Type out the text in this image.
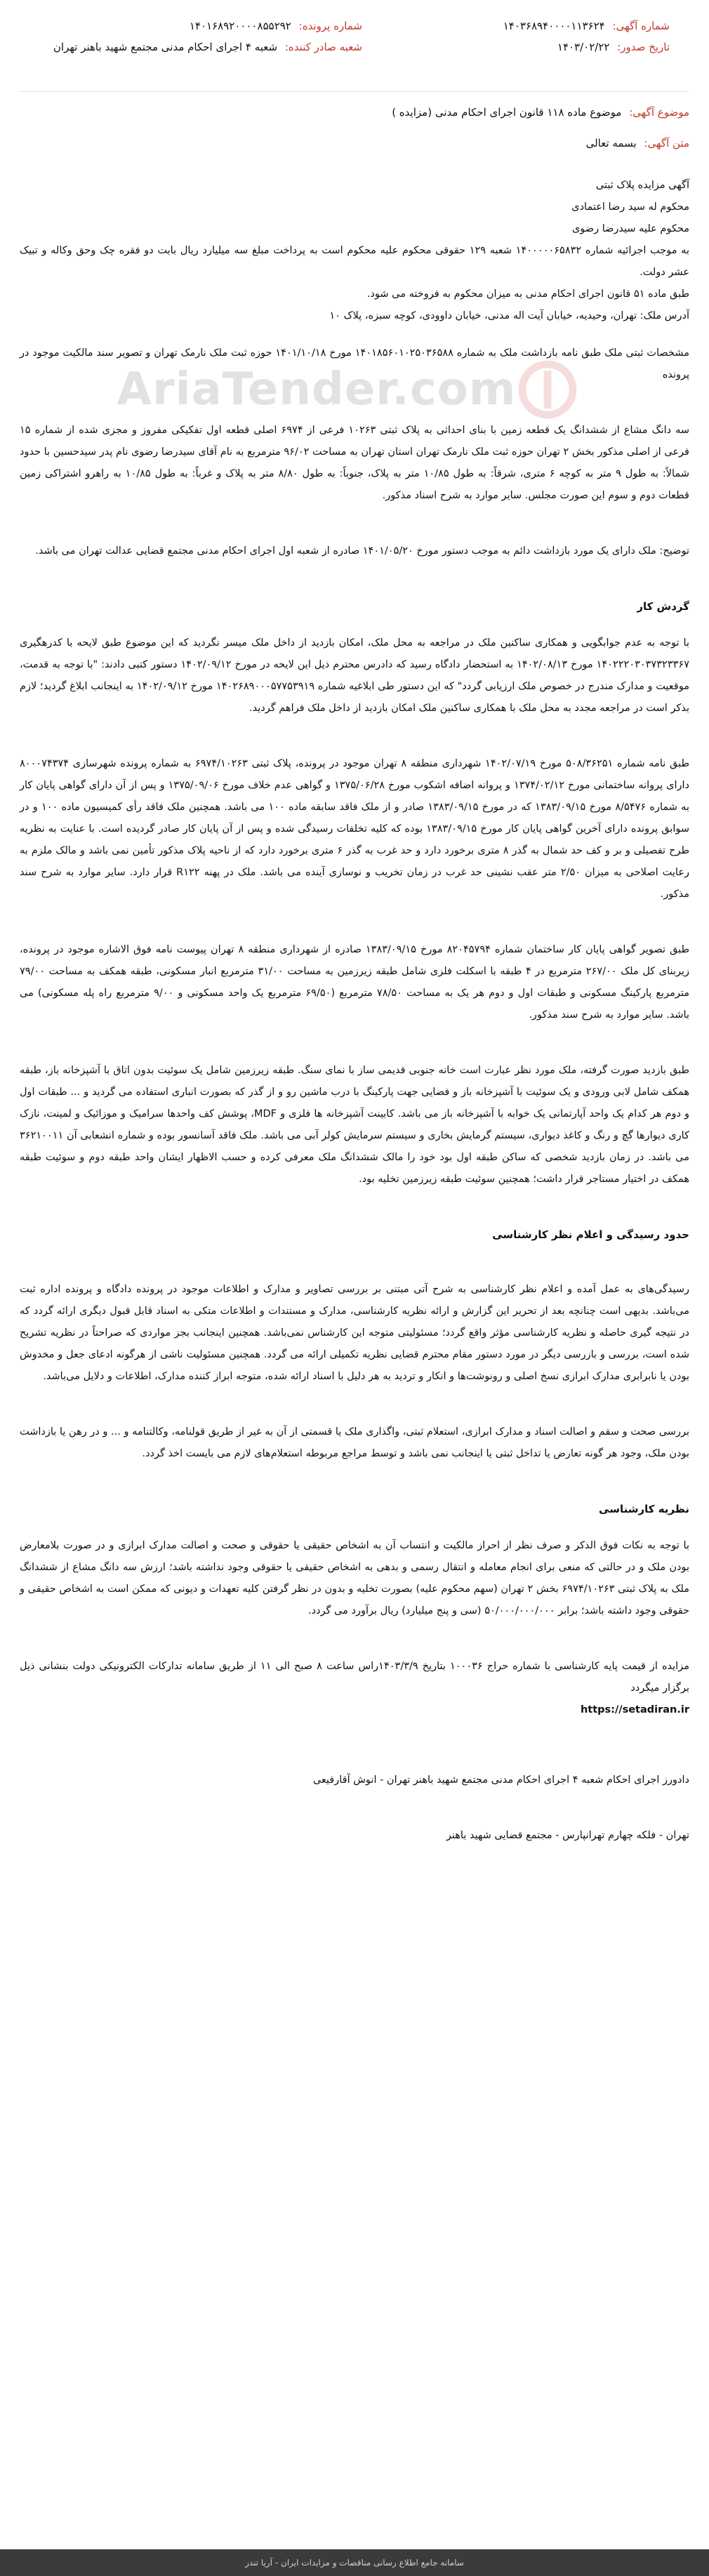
شماره آگهی: ۱۴۰۳۶۸۹۴۰۰۰۰۱۱۳۶۲۴
تاریخ صدور: ۱۴۰۳/۰۲/۲۲
شماره پرونده: ۱۴۰۱۶۸۹۲۰۰۰۰۸۵۵۲۹۲
شعبه صادر کننده: شعبه ۴ اجرای احکام مدنی مجتمع شهید باهنر تهران
موضوع آگهی: موضوع ماده ۱۱۸ قانون اجرای احکام مدنی (مزایده )
متن آگهی: بسمه تعالی

آگهی مزایده پلاک ثبتی
محکوم له سید رضا اعتمادی
محکوم علیه سیدرضا رضوی
به موجب اجرائیه شماره ۱۴۰۰۰۰۰۶۵۸۳۲ شعبه ۱۲۹ حقوقی محکوم علیه محکوم است به پرداخت مبلغ سه میلیارد ریال بابت دو فقره چک وحق وکاله و تبیک عشر دولت.
طبق ماده ۵۱ قانون اجرای احکام مدنی به میزان محکوم به فروخته می شود.
آدرس ملک: تهران، وحیدیه، خیابان آیت اله مدنی، خیابان داوودی، کوچه سبزه، پلاک ۱۰

مشخصات ثبتی ملک طبق نامه بازداشت ملک به شماره ۱۴۰۱۸۵۶۰۱۰۲۵۰۳۶۵۸۸ مورخ ۱۴۰۱/۱۰/۱۸ حوزه ثبت ملک نارمک تهران و تصویر سند مالکیت موجود در پرونده

سه دانگ مشاع از ششدانگ یک قطعه زمین با بنای احداثی به پلاک ثبتی ۱۰۲۶۳ فرعی از ۶۹۷۴ اصلی قطعه اول تفکیکی مفروز و مجزی شده از شماره ۱۵ فرعی از اصلی مذکور بخش ۲ تهران حوزه ثبت ملک نارمک تهران استان تهران به مساحت ۹۶/۰۲ مترمربع به نام آقای سیدرضا رضوی نام پدر سیدحسین با حدود شمالاً: به طول ۹ متر به کوچه ۶ متری، شرقاً: به طول ۱۰/۸۵ متر به پلاک، جنوباً: به طول ۸/۸۰ متر به پلاک و غرباً: به طول ۱۰/۸۵ به راهرو اشتراکی زمین قطعات دوم و سوم این صورت مجلس. سایر موارد به شرح اسناد مذکور.

توضیح: ملک دارای یک مورد بازداشت دائم به موجب دستور مورخ ۱۴۰۱/۰۵/۲۰ صادره از شعبه اول اجرای احکام مدنی مجتمع قضایی عدالت تهران می باشد.

گردش کار

با توجه به عدم جوابگویی و همکاری ساکنین ملک در مراجعه به محل ملک، امکان بازدید از داخل ملک میسر نگردید که این موضوع طبق لایحه با کدرهگیری ۱۴۰۲۲۲۰۳۰۳۷۳۲۳۳۶۷ مورخ ۱۴۰۲/۰۸/۱۳ به استحضار دادگاه رسید که دادرس محترم ذیل این لایحه در مورخ ۱۴۰۲/۰۹/۱۲ دستور کتبی دادند: "با توجه به قدمت، موقعیت و مدارک مندرج در خصوص ملک ارزیابی گردد" که این دستور طی ابلاغیه شماره ۱۴۰۲۶۸۹۰۰۰۵۷۷۵۳۹۱۹ مورخ ۱۴۰۲/۰۹/۱۲ به اینجانب ابلاغ گردید؛ لازم بذکر است در مراجعه مجدد به محل ملک با همکاری ساکنین ملک امکان بازدید از داخل ملک فراهم گردید.

طبق نامه شماره ۵۰۸/۳۶۲۵۱ مورخ ۱۴۰۲/۰۷/۱۹ شهرداری منطقه ۸ تهران موجود در پرونده، پلاک ثبتی ۶۹۷۴/۱۰۲۶۳ به شماره پرونده شهرسازی ۸۰۰۰۷۴۳۷۴ دارای پروانه ساختمانی مورخ ۱۳۷۴/۰۲/۱۲ و پروانه اضافه اشکوب مورخ ۱۳۷۵/۰۶/۲۸ و گواهی عدم خلاف مورخ ۱۳۷۵/۰۹/۰۶ و پس از آن دارای گواهی پایان کار به شماره ۸/۵۴۷۶ مورخ ۱۳۸۳/۰۹/۱۵ که در مورخ ۱۳۸۳/۰۹/۱۵ صادر و از ملک فاقد سابقه ماده ۱۰۰ می باشد. همچنین ملک فاقد رأی کمیسیون ماده ۱۰۰ و در سوابق پرونده دارای آخرین گواهی پایان کار مورخ ۱۳۸۳/۰۹/۱۵ بوده که کلیه تخلفات رسیدگی شده و پس از آن پایان کار صادر گردیده است. با عنایت به نظریه طرح تفصیلی و بر و کف حد شمال به گذر ۸ متری برخورد دارد و حد غرب به گذر ۶ متری برخورد دارد که از ناحیه پلاک مذکور تأمین نمی باشد و مالک ملزم به رعایت اصلاحی به میزان ۲/۵۰ متر عقب نشینی حد غرب در زمان تخریب و نوسازی آینده می باشد. ملک در پهنه R۱۲۲ قرار دارد. سایر موارد به شرح سند مذکور.

طبق تصویر گواهی پایان کار ساختمان شماره ۸۲۰۴۵۷۹۴ مورخ ۱۳۸۳/۰۹/۱۵ صادره از شهرداری منطقه ۸ تهران پیوست نامه فوق الاشاره موجود در پرونده، زیربنای کل ملک ۲۶۷/۰۰ مترمربع در ۴ طبقه با اسکلت فلزی شامل طبقه زیرزمین به مساحت ۳۱/۰۰ مترمربع انبار مسکونی، طبقه همکف به مساحت ۷۹/۰۰ مترمربع پارکینگ مسکونی و طبقات اول و دوم هر یک به مساحت ۷۸/۵۰ مترمربع (۶۹/۵۰ مترمربع یک واحد مسکونی و ۹/۰۰ مترمربع راه پله مسکونی) می باشد. سایر موارد به شرح سند مذکور.

طبق بازدید صورت گرفته، ملک مورد نظر عبارت است خانه جنوبی قدیمی ساز با نمای سنگ. طبقه زیرزمین شامل یک سوئیت بدون اتاق با آشپزخانه باز، طبقه همکف شامل لابی ورودی و یک سوئیت با آشپزخانه باز و فضایی جهت پارکینگ با درب ماشین رو و از گذر که بصورت انباری استفاده می گردید و ... طبقات اول و دوم هر کدام یک واحد آپارتمانی یک خوابه با آشپزخانه باز می باشد. کابینت آشپزخانه ها فلزی و MDF، پوشش کف واحدها سرامیک و موزائیک و لمینت، نازک کاری دیوارها گچ و رنگ و کاغذ دیواری، سیستم گرمایش بخاری و سیستم سرمایش کولر آبی می باشد. ملک فاقد آسانسور بوده و شماره انشعابی آن ۳۶۲۱۰۰۱۱ می باشد. در زمان بازدید شخصی که ساکن طبقه اول بود خود را مالک ششدانگ ملک معرفی کرده و حسب الاظهار ایشان واحد طبقه دوم و سوئیت طبقه همکف در اختیار مستاجر قرار داشت؛ همچنین سوئیت طبقه زیرزمین تخلیه بود.

حدود رسیدگی و اعلام نظر کارشناسی

رسیدگی‌های به عمل آمده و اعلام نظر کارشناسی به شرح آتی مبتنی بر بررسی تصاویر و مدارک و اطلاعات موجود در پرونده دادگاه و پرونده اداره ثبت می‌باشد. بدیهی است چنانچه بعد از تحریر این گزارش و ارائه نظریه کارشناسی، مدارک و مستندات و اطلاعات متکی به اسناد قابل قبول دیگری ارائه گردد که در نتیجه گیری حاصله و نظریه کارشناسی مؤثر واقع گردد؛ مسئولیتی متوجه این کارشناس نمی‌باشد. همچنین اینجانب بجز مواردی که صراحتاً در نظریه تشریح شده است، بررسی و بازرسی دیگر در مورد دستور مقام محترم قضایی نظریه تکمیلی ارائه می گردد. همچنین مسئولیت ناشی از هرگونه ادعای جعل و مخدوش بودن یا نابرابری مدارک ابرازی نسخ اصلی و رونوشت‌ها و انکار و تردید به هر دلیل با اسناد ارائه شده، متوجه ابراز کننده مدارک، اطلاعات و دلایل می‌باشد.

بررسی صحت و سقم و اصالت اسناد و مدارک ابرازی، استعلام ثبتی، واگذاری ملک یا قسمتی از آن به غیر از طریق قولنامه، وکالتنامه و ... و در رهن یا بازداشت بودن ملک، وجود هر گونه تعارض یا تداخل ثبتی یا اینجانب نمی باشد و توسط مراجع مربوطه استعلام‌های لازم می بایست اخذ گردد.

نظریه کارشناسی

با توجه به نکات فوق الذکر و صرف نظر از احراز مالکیت و انتساب آن به اشخاص حقیقی یا حقوقی و صحت و اصالت مدارک ابرازی و در صورت بلامعارض بودن ملک و در حالتی که منعی برای انجام معامله و انتقال رسمی و بدهی به اشخاص حقیقی یا حقوقی وجود نداشته باشد؛ ارزش سه دانگ مشاع از ششدانگ ملک به پلاک ثبتی ۶۹۷۴/۱۰۲۶۳ بخش ۲ تهران (سهم محکوم علیه) بصورت تخلیه و بدون در نظر گرفتن کلیه تعهدات و دیونی که ممکن است به اشخاص حقیقی و حقوقی وجود داشته باشد؛ برابر ۵۰/۰۰۰/۰۰۰/۰۰۰ (سی و پنج میلیارد) ریال برآورد می گردد.

مزایده از قیمت پایه کارشناسی با شماره حراج ۱۰۰۰۳۶ بتاریخ ۱۴۰۳/۳/۹راس ساعت ۸ صبح الی ۱۱ از طریق سامانه تدارکات الکترونیکی دولت بنشانی ذیل برگزار میگردد

https://setadiran.ir

دادورز اجرای احکام شعبه ۴ اجرای احکام مدنی مجتمع شهید باهنر تهران - انوش آقارفیعی

تهران - فلکه چهارم تهرانپارس - مجتمع قضایی شهید باهنر

AriaTender.com
سامانه جامع اطلاع رسانی مناقصات و مزایدات ایران - آریا تندر
